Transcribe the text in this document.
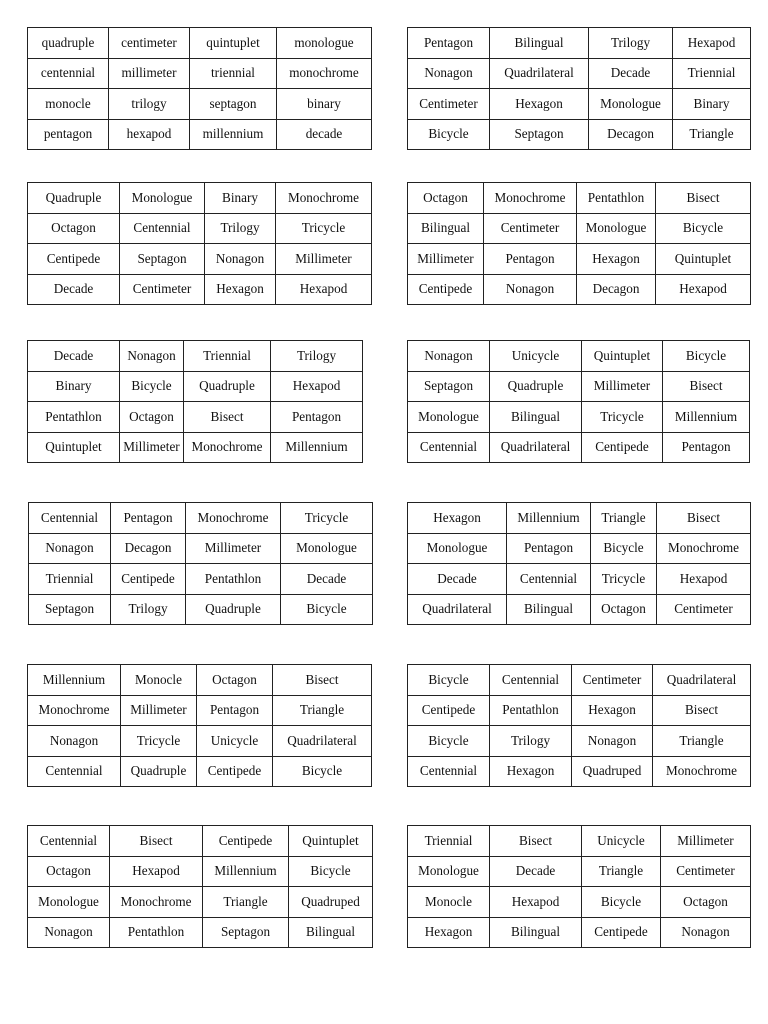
quadruple	centimeter	quintuplet	monologue
centennial	millimeter	triennial	monochrome
monocle	trilogy	septagon	binary
pentagon	hexapod	millennium	decade
Pentagon	Bilingual	Trilogy	Hexapod
Nonagon	Quadrilateral	Decade	Triennial
Centimeter	Hexagon	Monologue	Binary
Bicycle	Septagon	Decagon	Triangle
Quadruple	Monologue	Binary	Monochrome
Octagon	Centennial	Trilogy	Tricycle
Centipede	Septagon	Nonagon	Millimeter
Decade	Centimeter	Hexagon	Hexapod
Octagon	Monochrome	Pentathlon	Bisect
Bilingual	Centimeter	Monologue	Bicycle
Millimeter	Pentagon	Hexagon	Quintuplet
Centipede	Nonagon	Decagon	Hexapod
Decade	Nonagon	Triennial	Trilogy
Binary	Bicycle	Quadruple	Hexapod
Pentathlon	Octagon	Bisect	Pentagon
Quintuplet	Millimeter	Monochrome	Millennium
Nonagon	Unicycle	Quintuplet	Bicycle
Septagon	Quadruple	Millimeter	Bisect
Monologue	Bilingual	Tricycle	Millennium
Centennial	Quadrilateral	Centipede	Pentagon
Centennial	Pentagon	Monochrome	Tricycle
Nonagon	Decagon	Millimeter	Monologue
Triennial	Centipede	Pentathlon	Decade
Septagon	Trilogy	Quadruple	Bicycle
Hexagon	Millennium	Triangle	Bisect
Monologue	Pentagon	Bicycle	Monochrome
Decade	Centennial	Tricycle	Hexapod
Quadrilateral	Bilingual	Octagon	Centimeter
Millennium	Monocle	Octagon	Bisect
Monochrome	Millimeter	Pentagon	Triangle
Nonagon	Tricycle	Unicycle	Quadrilateral
Centennial	Quadruple	Centipede	Bicycle
Bicycle	Centennial	Centimeter	Quadrilateral
Centipede	Pentathlon	Hexagon	Bisect
Bicycle	Trilogy	Nonagon	Triangle
Centennial	Hexagon	Quadruped	Monochrome
Centennial	Bisect	Centipede	Quintuplet
Octagon	Hexapod	Millennium	Bicycle
Monologue	Monochrome	Triangle	Quadruped
Nonagon	Pentathlon	Septagon	Bilingual
Triennial	Bisect	Unicycle	Millimeter
Monologue	Decade	Triangle	Centimeter
Monocle	Hexapod	Bicycle	Octagon
Hexagon	Bilingual	Centipede	Nonagon
